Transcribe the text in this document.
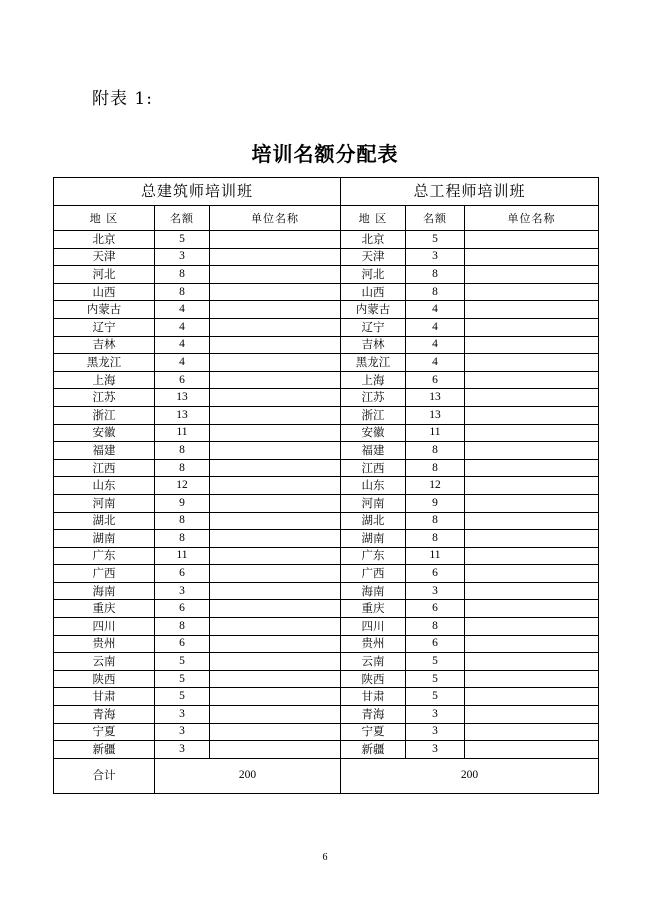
附表 1:
培训名额分配表
总建筑师培训班			总工程师培训班		
地 区	名额	单位名称	地 区	名额	单位名称
北京	5		北京	5	
天津	3		天津	3	
河北	8		河北	8	
山西	8		山西	8	
内蒙古	4		内蒙古	4	
辽宁	4		辽宁	4	
吉林	4		吉林	4	
黑龙江	4		黑龙江	4	
上海	6		上海	6	
江苏	13		江苏	13	
浙江	13		浙江	13	
安徽	11		安徽	11	
福建	8		福建	8	
江西	8		江西	8	
山东	12		山东	12	
河南	9		河南	9	
湖北	8		湖北	8	
湖南	8		湖南	8	
广东	11		广东	11	
广西	6		广西	6	
海南	3		海南	3	
重庆	6		重庆	6	
四川	8		四川	8	
贵州	6		贵州	6	
云南	5		云南	5	
陕西	5		陕西	5	
甘肃	5		甘肃	5	
青海	3		青海	3	
宁夏	3		宁夏	3	
新疆	3		新疆	3	
合计	200		200		
6
